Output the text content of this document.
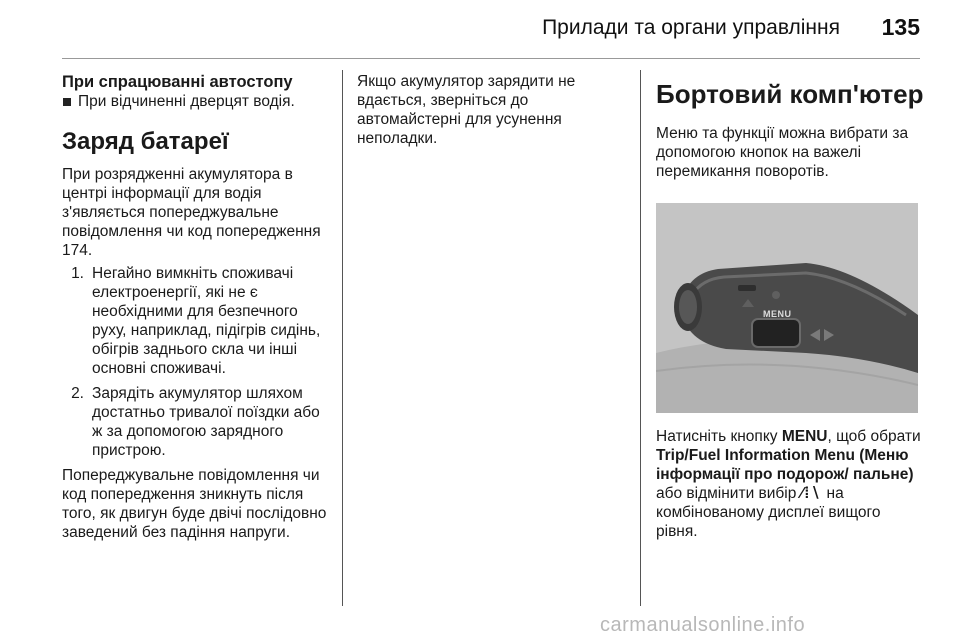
Прилади та органи управління 135
При спрацюванні автостопу
При відчиненні дверцят водія.
Заряд батареї

При розрядженні акумулятора в центрі інформації для водія з'являється попереджувальне повідомлення чи код попередження 174.

1. Негайно вимкніть споживачі електроенергії, які не є необхідними для безпечного руху, наприклад, підігрів сидінь, обігрів заднього скла чи інші основні споживачі.
2. Зарядіть акумулятор шляхом достатньо тривалої поїздки або ж за допомогою зарядного пристрою.

Попереджувальне повідомлення чи код попередження зникнуть після того, як двигун буде двічі послідовно заведений без падіння напруги.

Якщо акумулятор зарядити не вдається, зверніться до автомайстерні для усунення неполадки.

Бортовий комп'ютер

Меню та функції можна вибрати за допомогою кнопок на важелі перемикання поворотів.

MENU

Натисніть кнопку MENU, щоб обрати Trip/Fuel Information Menu (Меню інформації про подорож/ пальне) або відмінити вибір ⁄⁞∖ на комбінованому дисплеї вищого рівня.

carmanualsonline.info
